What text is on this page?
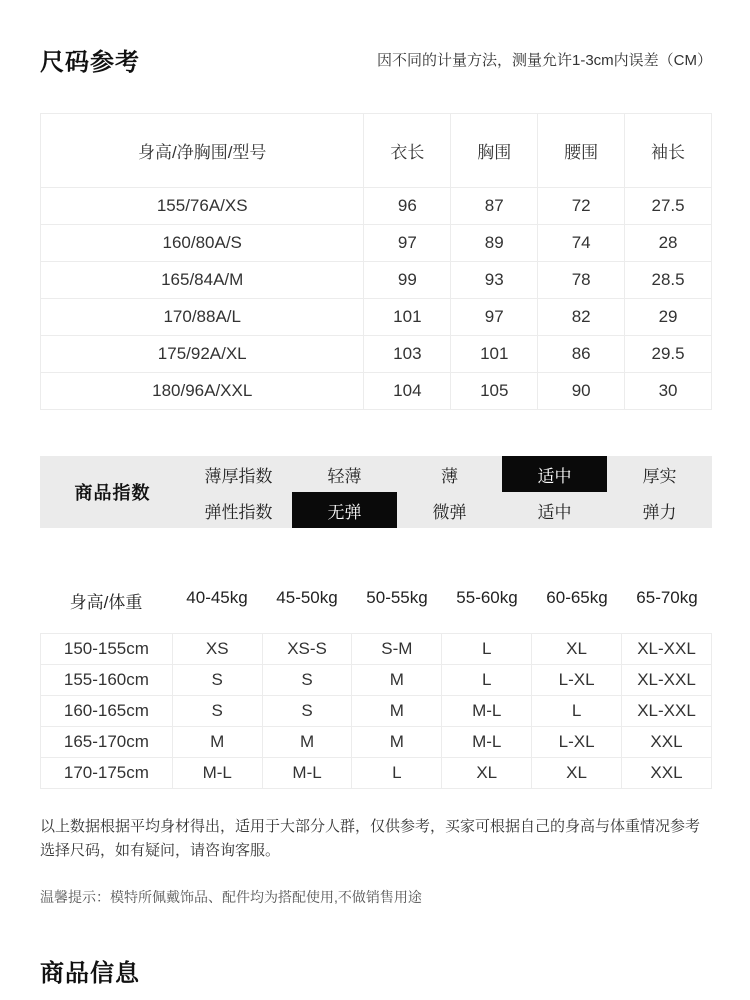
尺码参考	因不同的计量方法，测量允许1-3cm内误差（CM）
身高/净胸围/型号	衣长	胸围	腰围	袖长
155/76A/XS	96	87	72	27.5
160/80A/S	97	89	74	28
165/84A/M	99	93	78	28.5
170/88A/L	101	97	82	29
175/92A/XL	103	101	86	29.5
180/96A/XXL	104	105	90	30
商品指数
薄厚指数	轻薄	薄	适中	厚实
弹性指数	无弹	微弹	适中	弹力
身高/体重	40-45kg	45-50kg	50-55kg	55-60kg	60-65kg	65-70kg
150-155cm	XS	XS-S	S-M	L	XL	XL-XXL
155-160cm	S	S	M	L	L-XL	XL-XXL
160-165cm	S	S	M	M-L	L	XL-XXL
165-170cm	M	M	M	M-L	L-XL	XXL
170-175cm	M-L	M-L	L	XL	XL	XXL
以上数据根据平均身材得出，适用于大部分人群，仅供参考，买家可根据自己的身高与体重情况参考选择尺码，如有疑问，请咨询客服。
温馨提示：模特所佩戴饰品、配件均为搭配使用,不做销售用途
商品信息
